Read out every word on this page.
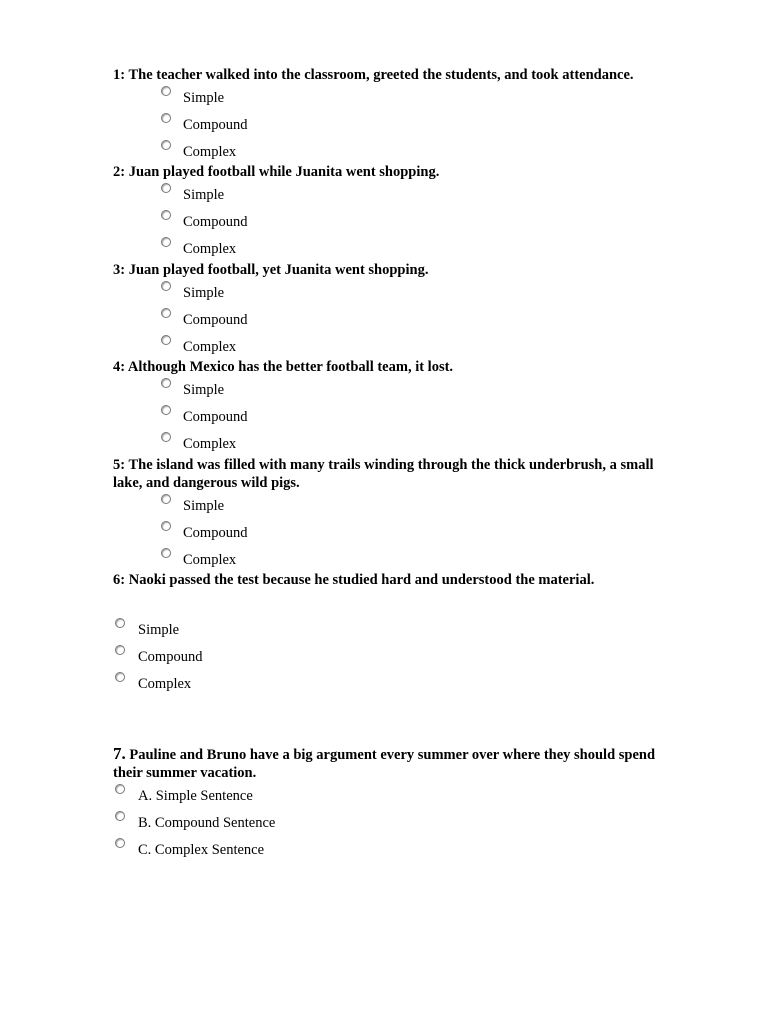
1: The teacher walked into the classroom, greeted the students, and took attendance.

Simple
Compound
Complex

2: Juan played football while Juanita went shopping.

Simple
Compound
Complex

3: Juan played football, yet Juanita went shopping.

Simple
Compound
Complex

4: Although Mexico has the better football team, it lost.

Simple
Compound
Complex

5: The island was filled with many trails winding through the thick underbrush, a small lake, and dangerous wild pigs.

Simple
Compound
Complex

6: Naoki passed the test because he studied hard and understood the material.

Simple
Compound
Complex

7. Pauline and Bruno have a big argument every summer over where they should spend their summer vacation.

A. Simple Sentence
B. Compound Sentence
C. Complex Sentence
